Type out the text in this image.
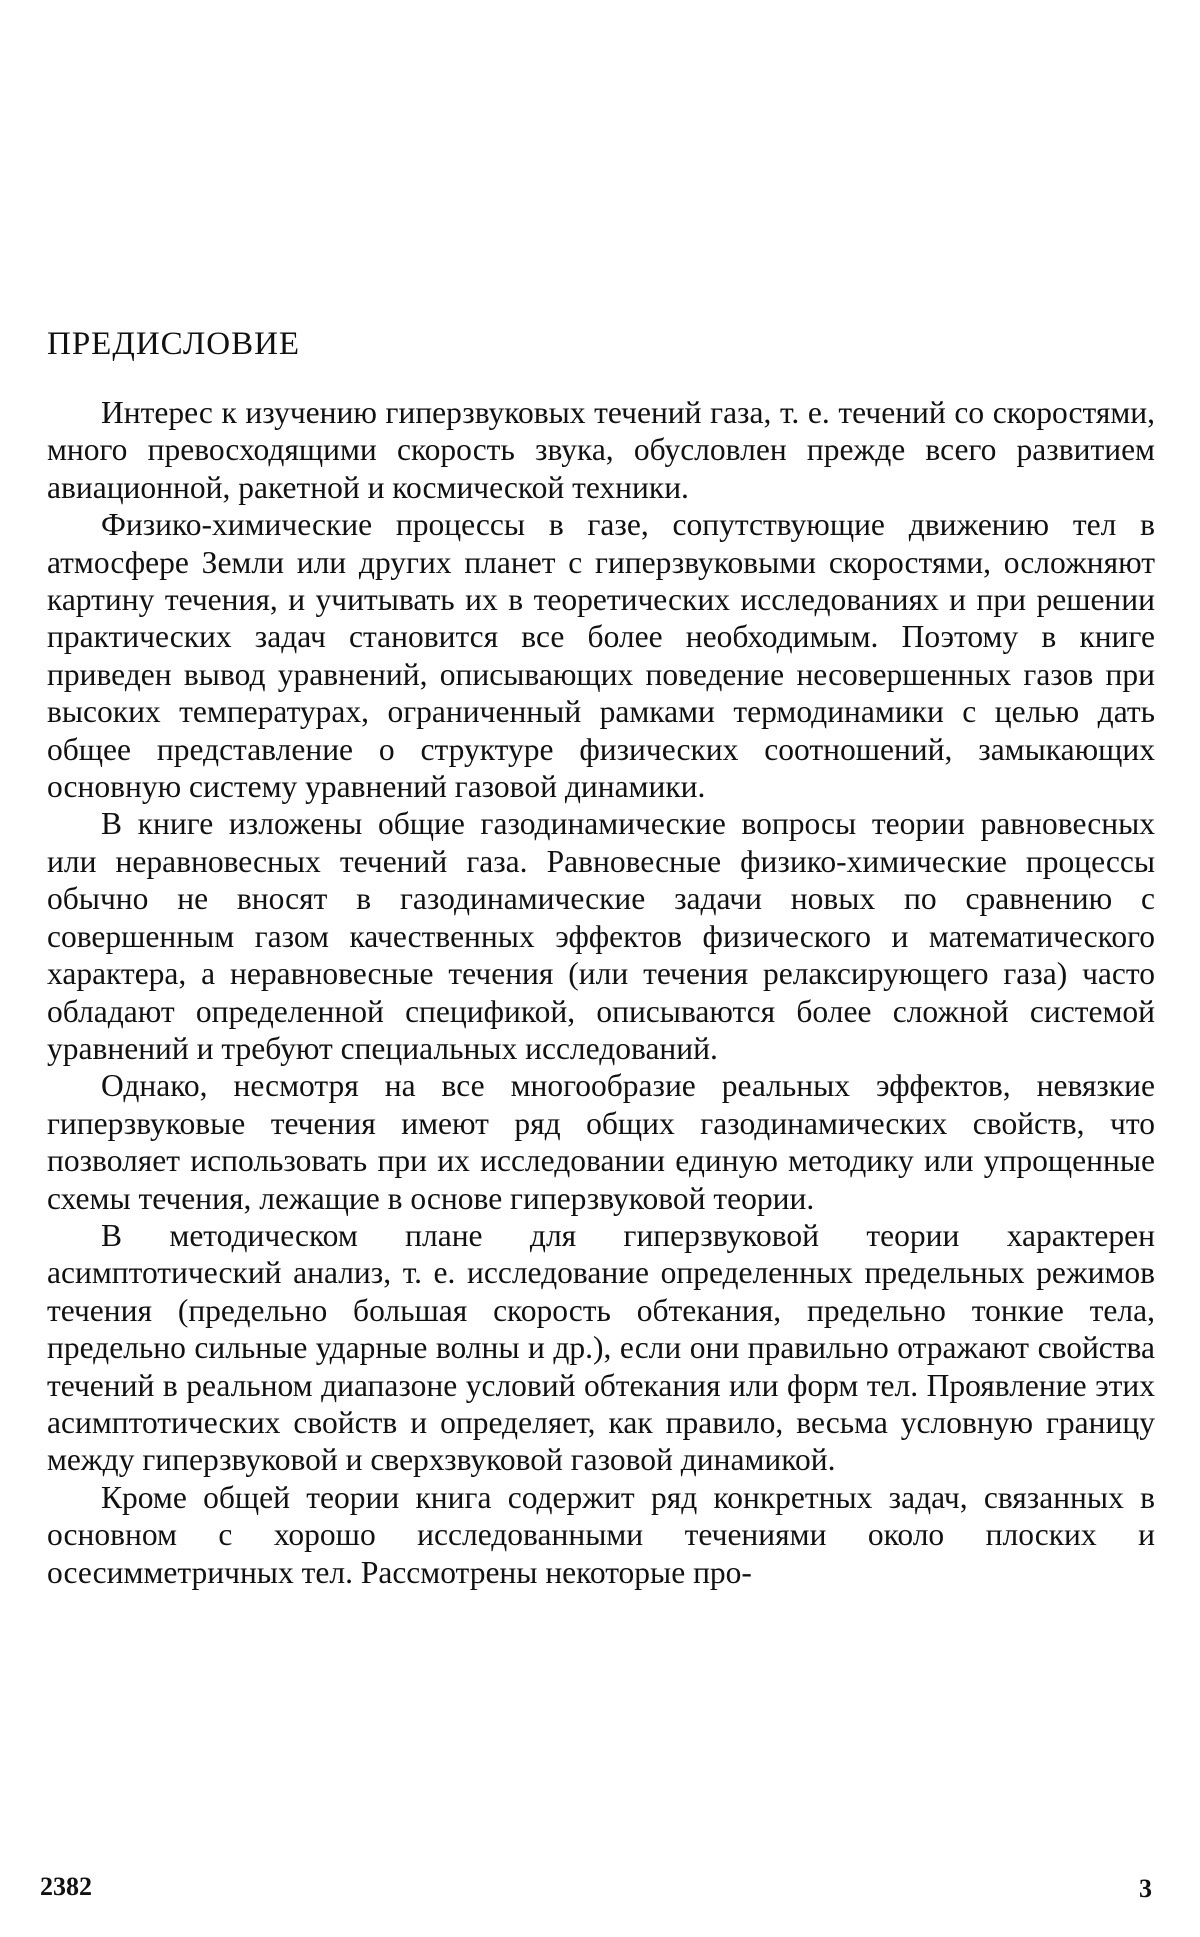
ПРЕДИСЛОВИЕ

Интерес к изучению гиперзвуковых течений газа, т. е. течений со скоростями, много превосходящими скорость звука, обусловлен прежде всего развитием авиационной, ракетной и космической техники.

Физико-химические процессы в газе, сопутствующие движению тел в атмосфере Земли или других планет с гиперзвуковыми скоростями, осложняют картину течения, и учитывать их в теоретических исследованиях и при решении практических задач становится все более необходимым. Поэтому в книге приведен вывод уравнений, описывающих поведение несовершенных газов при высоких температурах, ограниченный рамками термодинамики с целью дать общее представление о структуре физических соотношений, замыкающих основную систему уравнений газовой динамики.

В книге изложены общие газодинамические вопросы теории равновесных или неравновесных течений газа. Равновесные физико-химические процессы обычно не вносят в газодинамические задачи новых по сравнению с совершенным газом качественных эффектов физического и математического характера, а неравновесные течения (или течения релаксирующего газа) часто обладают определенной спецификой, описываются более сложной системой уравнений и требуют специальных исследований.

Однако, несмотря на все многообразие реальных эффектов, невязкие гиперзвуковые течения имеют ряд общих газодинамических свойств, что позволяет использовать при их исследовании единую методику или упрощенные схемы течения, лежащие в основе гиперзвуковой теории.

В методическом плане для гиперзвуковой теории характерен асимптотический анализ, т. е. исследование определенных предельных режимов течения (предельно большая скорость обтекания, предельно тонкие тела, предельно сильные ударные волны и др.), если они правильно отражают свойства течений в реальном диапазоне условий обтекания или форм тел. Проявление этих асимптотических свойств и определяет, как правило, весьма условную границу между гиперзвуковой и сверхзвуковой газовой динамикой.

Кроме общей теории книга содержит ряд конкретных задач, связанных в основном с хорошо исследованными течениями около плоских и осесимметричных тел. Рассмотрены некоторые про-

2382	3
